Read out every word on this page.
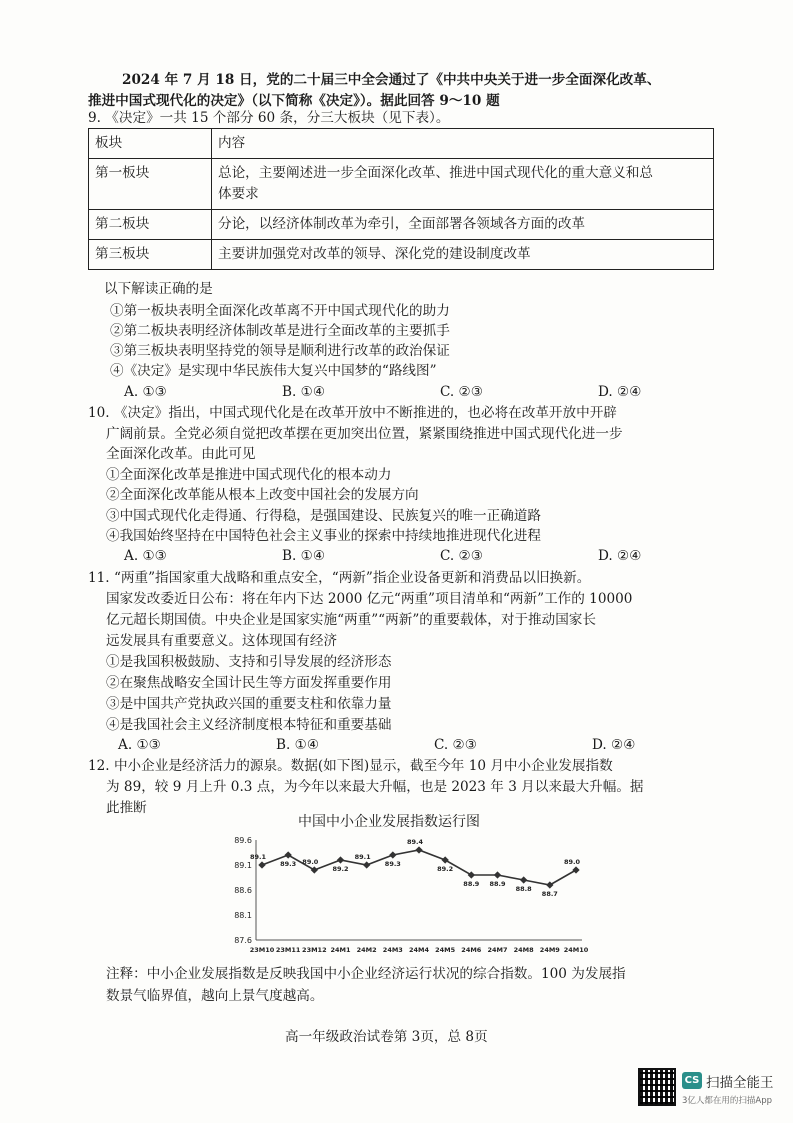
2024 年 7 月 18 日，党的二十届三中全会通过了《中共中央关于进一步全面深化改革、
推进中国式现代化的决定》（以下简称《决定》）。据此回答 9～10 题
9. 《决定》一共 15 个部分 60 条，分三大板块（见下表）。
板块	内容
第一板块	总论，主要阐述进一步全面深化改革、推进中国式现代化的重大意义和总
体要求

第二板块	分论，以经济体制改革为牵引，全面部署各领域各方面的改革
第三板块	主要讲加强党对改革的领导、深化党的建设制度改革
以下解读正确的是
①第一板块表明全面深化改革离不开中国式现代化的助力
②第二板块表明经济体制改革是进行全面改革的主要抓手
③第三板块表明坚持党的领导是顺利进行改革的政治保证
④《决定》是实现中华民族伟大复兴中国梦的“路线图”
A. ①③	B. ①④	C. ②③	D. ②④
10. 《决定》指出，中国式现代化是在改革开放中不断推进的，也必将在改革开放中开辟
广阔前景。全党必须自觉把改革摆在更加突出位置，紧紧围绕推进中国式现代化进一步
全面深化改革。由此可见
①全面深化改革是推进中国式现代化的根本动力
②全面深化改革能从根本上改变中国社会的发展方向
③中国式现代化走得通、行得稳，是强国建设、民族复兴的唯一正确道路
④我国始终坚持在中国特色社会主义事业的探索中持续地推进现代化进程
A. ①③	B. ①④	C. ②③	D. ②④
11. “两重”指国家重大战略和重点安全，“两新”指企业设备更新和消费品以旧换新。
国家发改委近日公布：将在年内下达 2000 亿元“两重”项目清单和“两新”工作的 10000
亿元超长期国债。中央企业是国家实施“两重”“两新”的重要载体，对于推动国家长
远发展具有重要意义。这体现国有经济
①是我国积极鼓励、支持和引导发展的经济形态
②在聚焦战略安全国计民生等方面发挥重要作用
③是中国共产党执政兴国的重要支柱和依靠力量
④是我国社会主义经济制度根本特征和重要基础
A. ①③	B. ①④	C. ②③	D. ②④
12. 中小企业是经济活力的源泉。数据(如下图)显示，截至今年 10 月中小企业发展指数
为 89，较 9 月上升 0.3 点，为今年以来最大升幅，也是 2023 年 3 月以来最大升幅。据
此推断
中国中小企业发展指数运行图
89.6
89.1
88.6
88.1
87.6
23M10 23M11 23M12 24M1 24M2 24M3 24M4 24M5 24M6 24M7 24M8 24M9 24M10
89.1
89.3 89.0
89.2
89.1
89.3
89.4
89.2
88.9 88.9
88.8
88.7
89.0
注释：中小企业发展指数是反映我国中小企业经济运行状况的综合指数。100 为发展指
数景气临界值，越向上景气度越高。
高一年级政治试卷第 3页，总 8页
CS 扫描全能王
3亿人都在用的扫描App
